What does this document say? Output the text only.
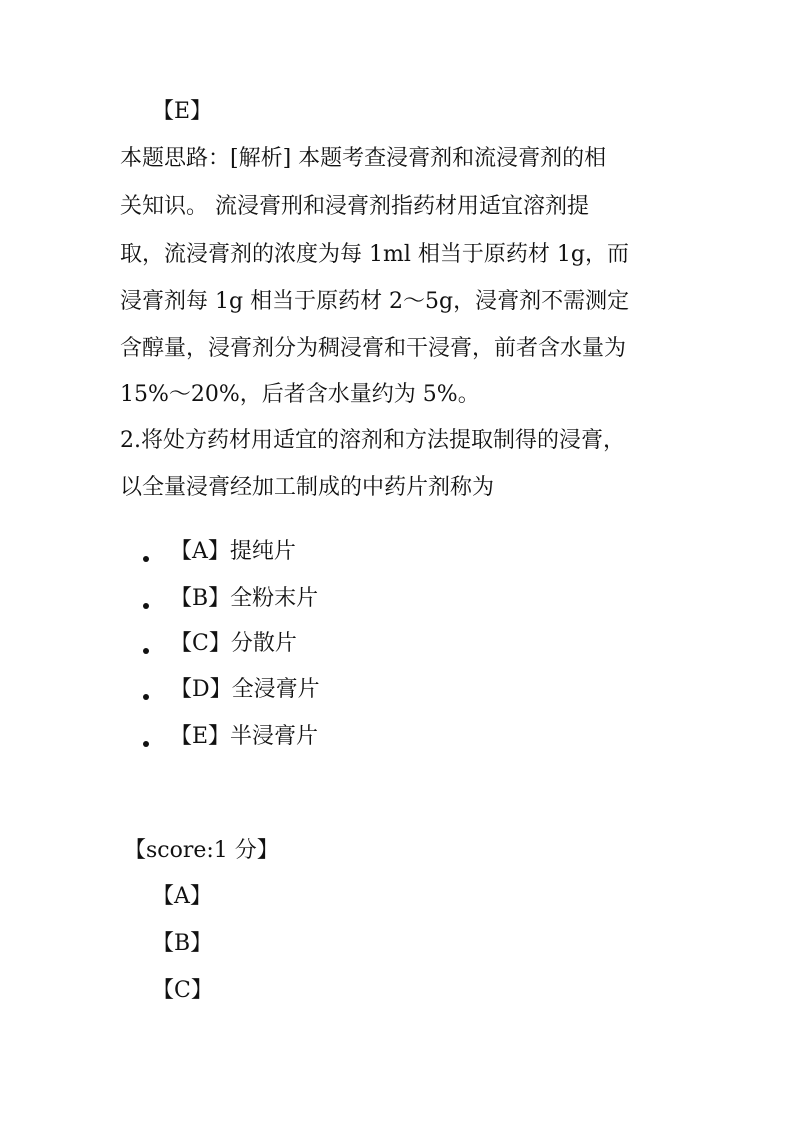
【E】
本题思路：[解析] 本题考查浸膏剂和流浸膏剂的相
关知识。 流浸膏刑和浸膏剂指药材用适宜溶剂提
取，流浸膏剂的浓度为每 1ml 相当于原药材 1g，而
浸膏剂每 1g 相当于原药材 2～5g，浸膏剂不需测定
含醇量，浸膏剂分为稠浸膏和干浸膏，前者含水量为
15%～20%，后者含水量约为 5%。
2.将处方药材用适宜的溶剂和方法提取制得的浸膏，
以全量浸膏经加工制成的中药片剂称为
【A】提纯片
【B】全粉末片
【C】分散片
【D】全浸膏片
【E】半浸膏片
【score:1 分】
【A】
【B】
【C】
